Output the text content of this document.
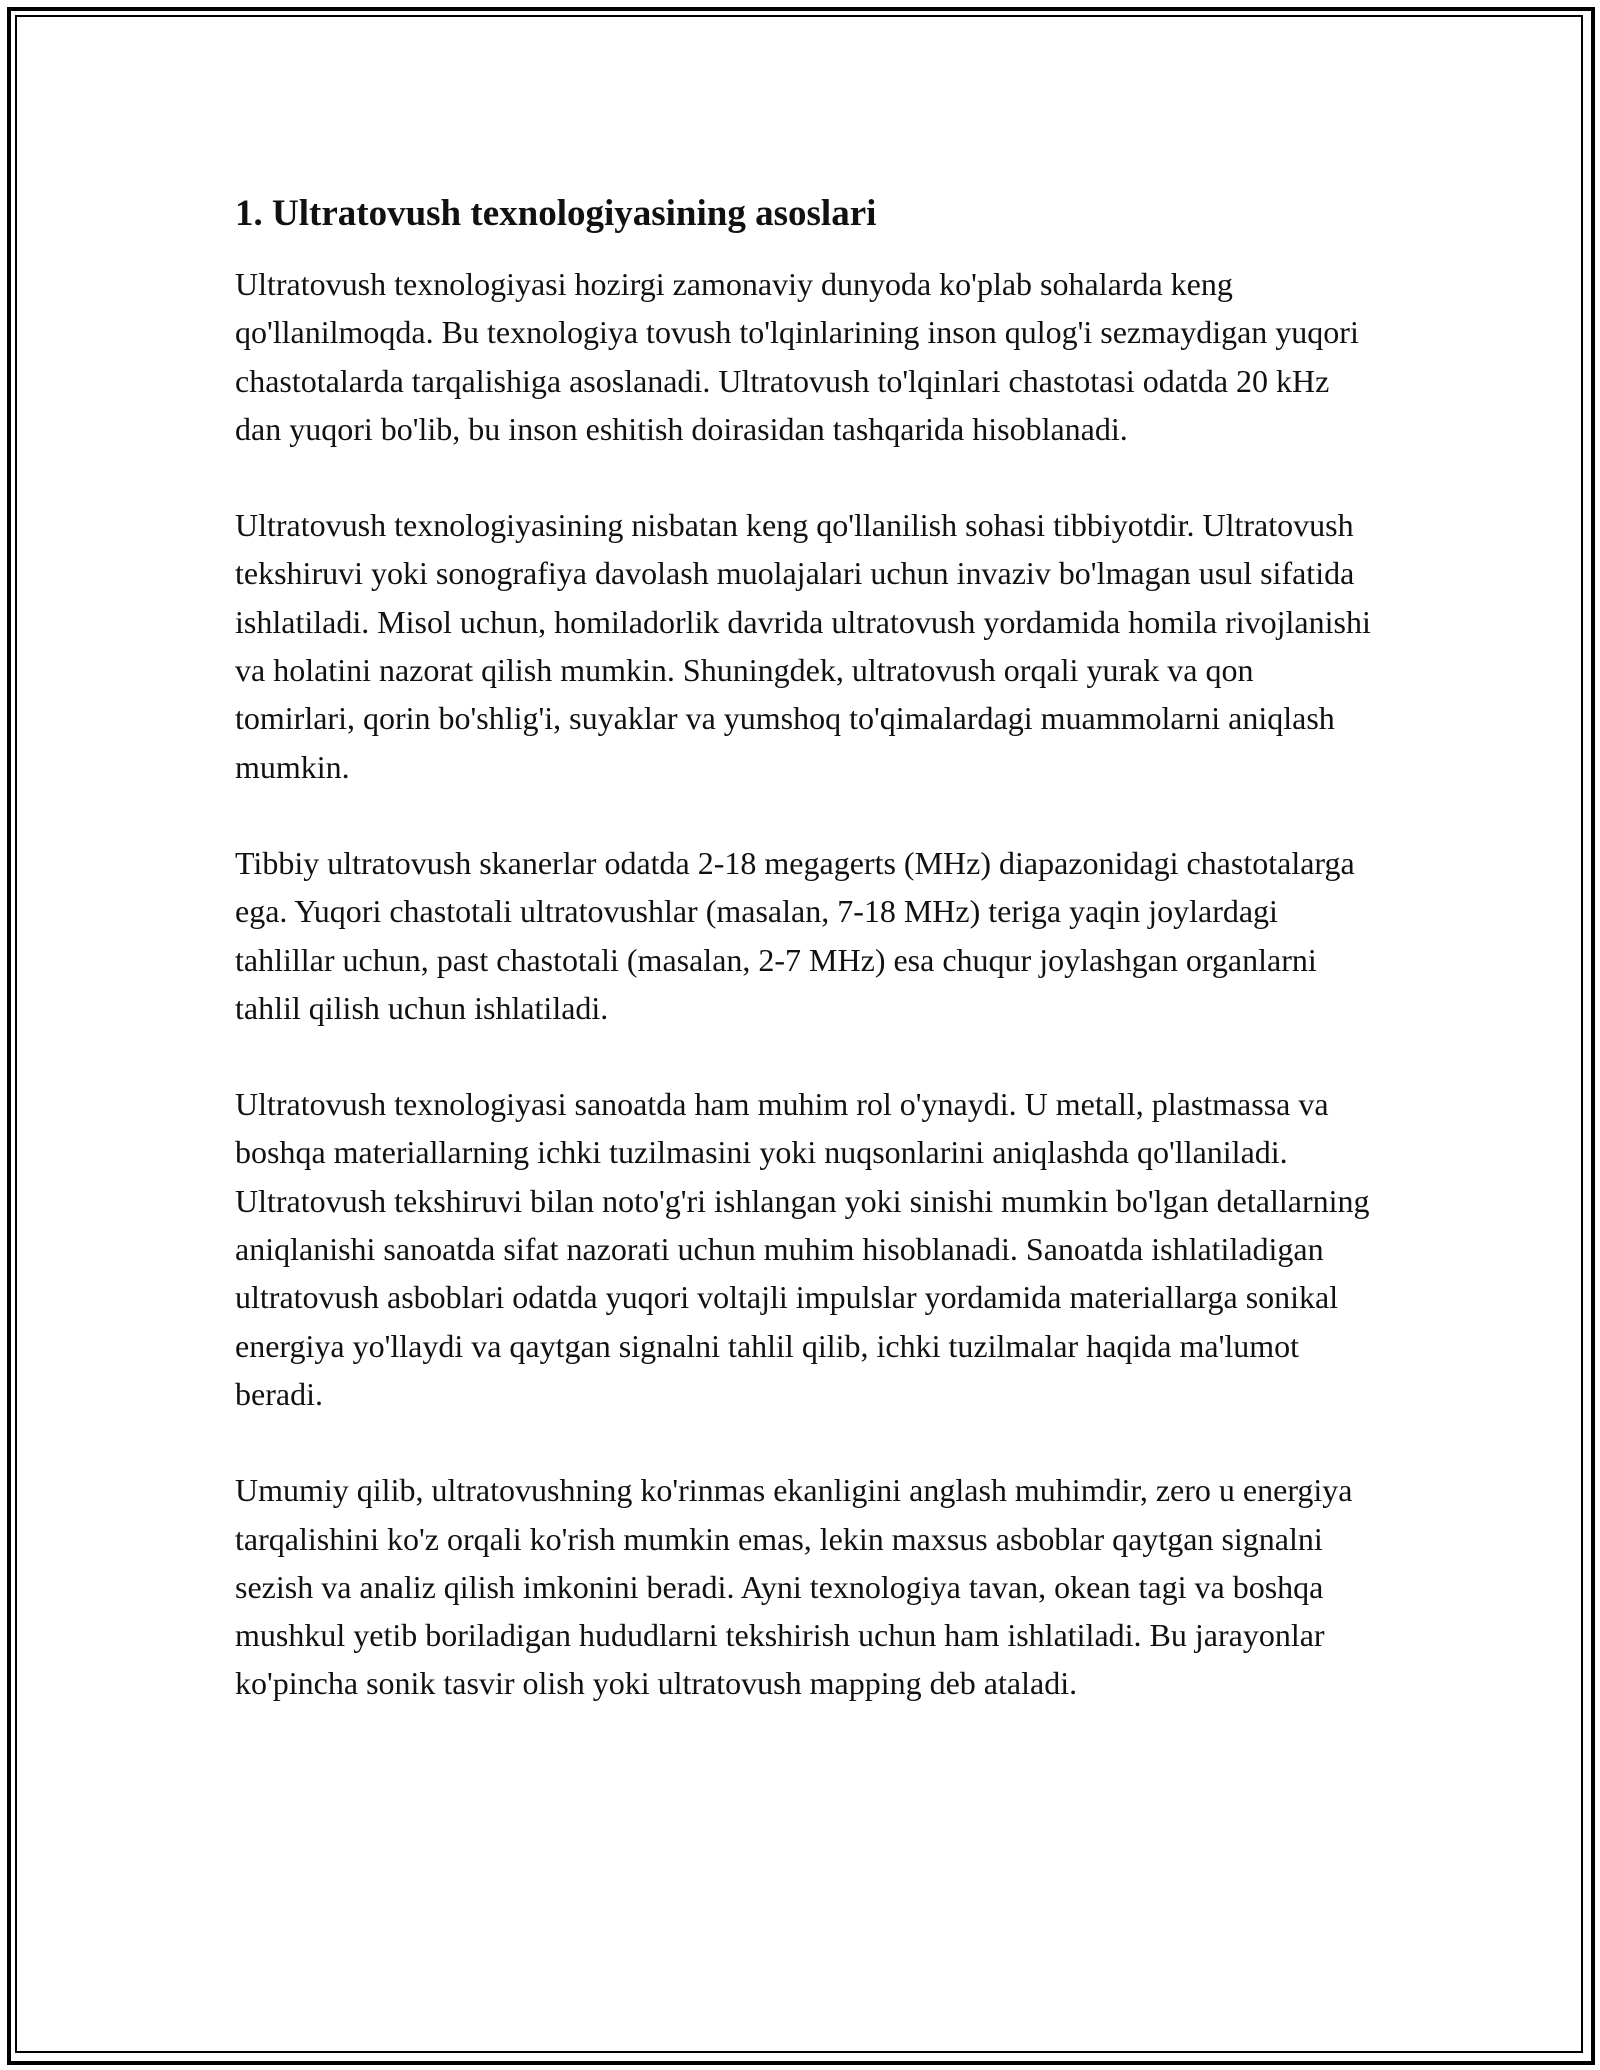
1. Ultratovush texnologiyasining asoslari

Ultratovush texnologiyasi hozirgi zamonaviy dunyoda ko'plab sohalarda keng qo'llanilmoqda. Bu texnologiya tovush to'lqinlarining inson qulog'i sezmaydigan yuqori chastotalarda tarqalishiga asoslanadi. Ultratovush to'lqinlari chastotasi odatda 20 kHz dan yuqori bo'lib, bu inson eshitish doirasidan tashqarida hisoblanadi.

Ultratovush texnologiyasining nisbatan keng qo'llanilish sohasi tibbiyotdir. Ultratovush tekshiruvi yoki sonografiya davolash muolajalari uchun invaziv bo'lmagan usul sifatida ishlatiladi. Misol uchun, homiladorlik davrida ultratovush yordamida homila rivojlanishi va holatini nazorat qilish mumkin. Shuningdek, ultratovush orqali yurak va qon tomirlari, qorin bo'shlig'i, suyaklar va yumshoq to'qimalardagi muammolarni aniqlash mumkin.

Tibbiy ultratovush skanerlar odatda 2-18 megagerts (MHz) diapazonidagi chastotalarga ega. Yuqori chastotali ultratovushlar (masalan, 7-18 MHz) teriga yaqin joylardagi tahlillar uchun, past chastotali (masalan, 2-7 MHz) esa chuqur joylashgan organlarni tahlil qilish uchun ishlatiladi.

Ultratovush texnologiyasi sanoatda ham muhim rol o'ynaydi. U metall, plastmassa va boshqa materiallarning ichki tuzilmasini yoki nuqsonlarini aniqlashda qo'llaniladi. Ultratovush tekshiruvi bilan noto'g'ri ishlangan yoki sinishi mumkin bo'lgan detallarning aniqlanishi sanoatda sifat nazorati uchun muhim hisoblanadi. Sanoatda ishlatiladigan ultratovush asboblari odatda yuqori voltajli impulslar yordamida materiallarga sonikal energiya yo'llaydi va qaytgan signalni tahlil qilib, ichki tuzilmalar haqida ma'lumot beradi.

Umumiy qilib, ultratovushning ko'rinmas ekanligini anglash muhimdir, zero u energiya tarqalishini ko'z orqali ko'rish mumkin emas, lekin maxsus asboblar qaytgan signalni sezish va analiz qilish imkonini beradi. Ayni texnologiya tavan, okean tagi va boshqa mushkul yetib boriladigan hududlarni tekshirish uchun ham ishlatiladi. Bu jarayonlar ko'pincha sonik tasvir olish yoki ultratovush mapping deb ataladi.
